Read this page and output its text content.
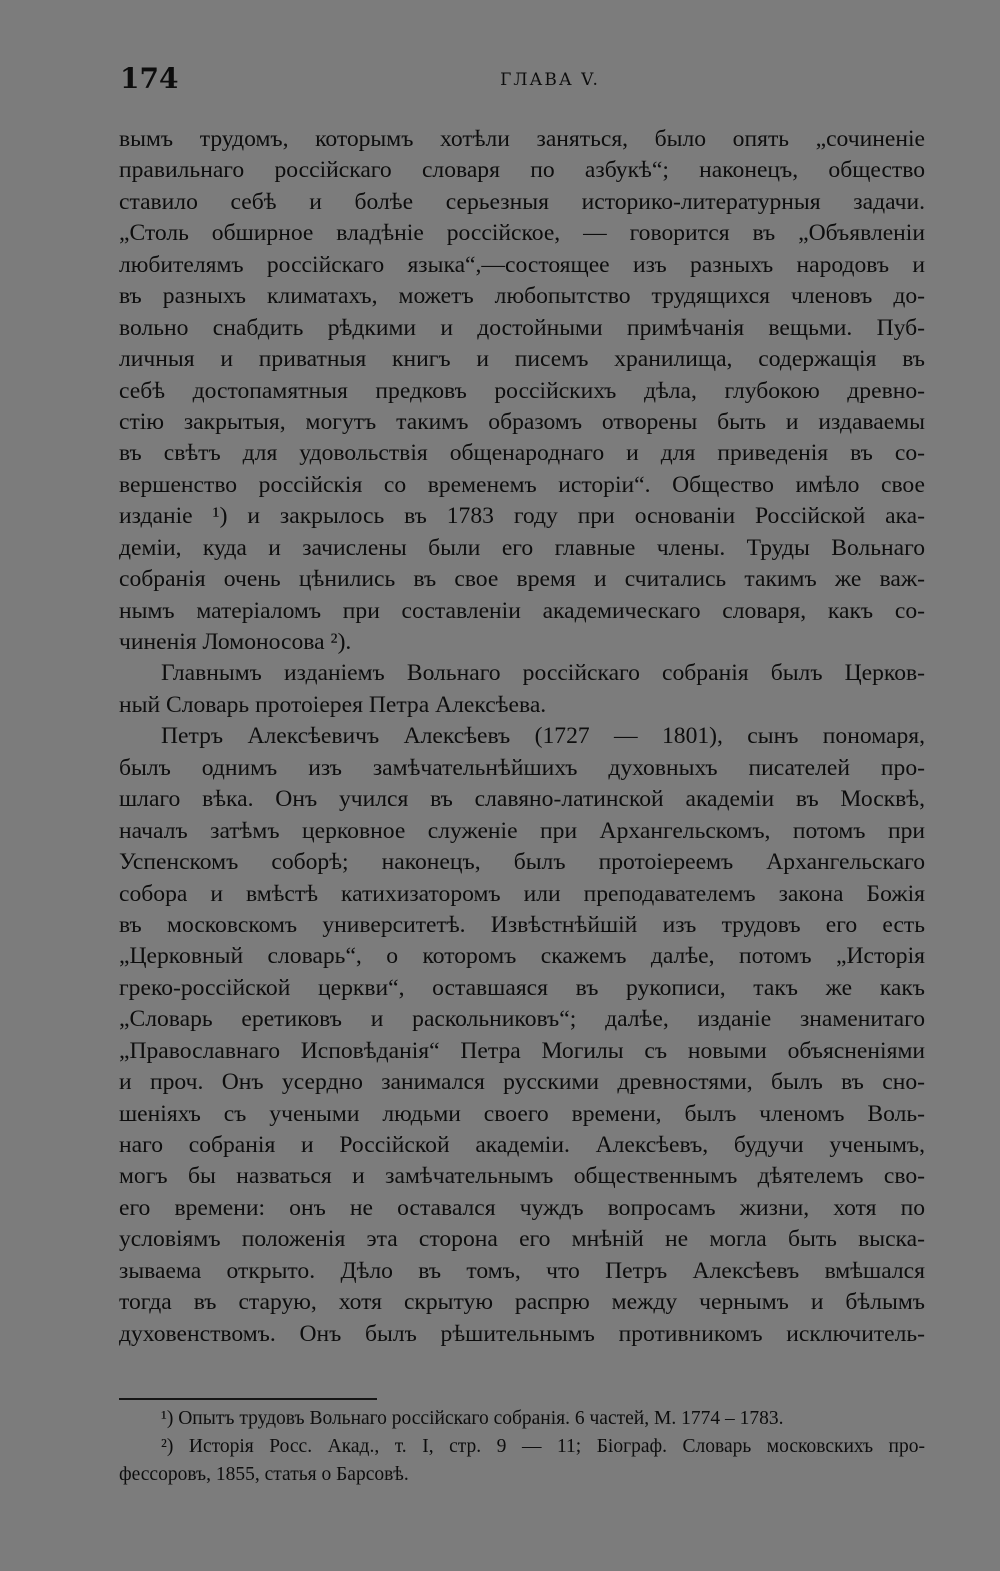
174	ГЛАВА V.
вымъ трудомъ, которымъ хотѣли заняться, было опять „сочиненіе
правильнаго россійскаго словаря по азбукѣ“; наконецъ, общество
ставило себѣ и болѣе серьезныя историко-литературныя задачи.
„Столь обширное владѣніе россійское, — говорится въ „Объявленіи
любителямъ россійскаго языка“,—состоящее изъ разныхъ народовъ и
въ разныхъ климатахъ, можетъ любопытство трудящихся членовъ до-
вольно снабдить рѣдкими и достойными примѣчанія вещьми. Пуб-
личныя и приватныя книгъ и писемъ хранилища, содержащія въ
себѣ достопамятныя предковъ россійскихъ дѣла, глубокою древно-
стію закрытыя, могутъ такимъ образомъ отворены быть и издаваемы
въ свѣтъ для удовольствія общенароднаго и для приведенія въ со-
вершенство россійскія со временемъ исторіи“. Общество имѣло свое
изданіе ¹) и закрылось въ 1783 году при основаніи Россійской ака-
деміи, куда и зачислены были его главные члены. Труды Вольнаго
собранія очень цѣнились въ свое время и считались такимъ же важ-
нымъ матеріаломъ при составленіи академическаго словаря, какъ со-
чиненія Ломоносова ²).
Главнымъ изданіемъ Вольнаго россійскаго собранія былъ Церков-
ный Словарь протоіерея Петра Алексѣева.
Петръ Алексѣевичъ Алексѣевъ (1727 — 1801), сынъ пономаря,
былъ однимъ изъ замѣчательнѣйшихъ духовныхъ писателей про-
шлаго вѣка. Онъ учился въ славяно-латинской академіи въ Москвѣ,
началъ затѣмъ церковное служеніе при Архангельскомъ, потомъ при
Успенскомъ соборѣ; наконецъ, былъ протоіереемъ Архангельскаго
собора и вмѣстѣ катихизаторомъ или преподавателемъ закона Божія
въ московскомъ университетѣ. Извѣстнѣйшій изъ трудовъ его есть
„Церковный словарь“, о которомъ скажемъ далѣе, потомъ „Исторія
греко-россійской церкви“, оставшаяся въ рукописи, такъ же какъ
„Словарь еретиковъ и раскольниковъ“; далѣе, изданіе знаменитаго
„Православнаго Исповѣданія“ Петра Могилы съ новыми объясненіями
и проч. Онъ усердно занимался русскими древностями, былъ въ сно-
шеніяхъ съ учеными людьми своего времени, былъ членомъ Воль-
наго собранія и Россійской академіи. Алексѣевъ, будучи ученымъ,
могъ бы назваться и замѣчательнымъ общественнымъ дѣятелемъ сво-
его времени: онъ не оставался чуждъ вопросамъ жизни, хотя по
условіямъ положенія эта сторона его мнѣній не могла быть выска-
зываема открыто. Дѣло въ томъ, что Петръ Алексѣевъ вмѣшался
тогда въ старую, хотя скрытую распрю между чернымъ и бѣлымъ
духовенствомъ. Онъ былъ рѣшительнымъ противникомъ исключитель-
¹) Опытъ трудовъ Вольнаго россійскаго собранія. 6 частей, М. 1774 – 1783.
²) Исторія Росс. Акад., т. I, стр. 9 — 11; Біограф. Словарь московскихъ про-
фессоровъ, 1855, статья о Барсовѣ.
